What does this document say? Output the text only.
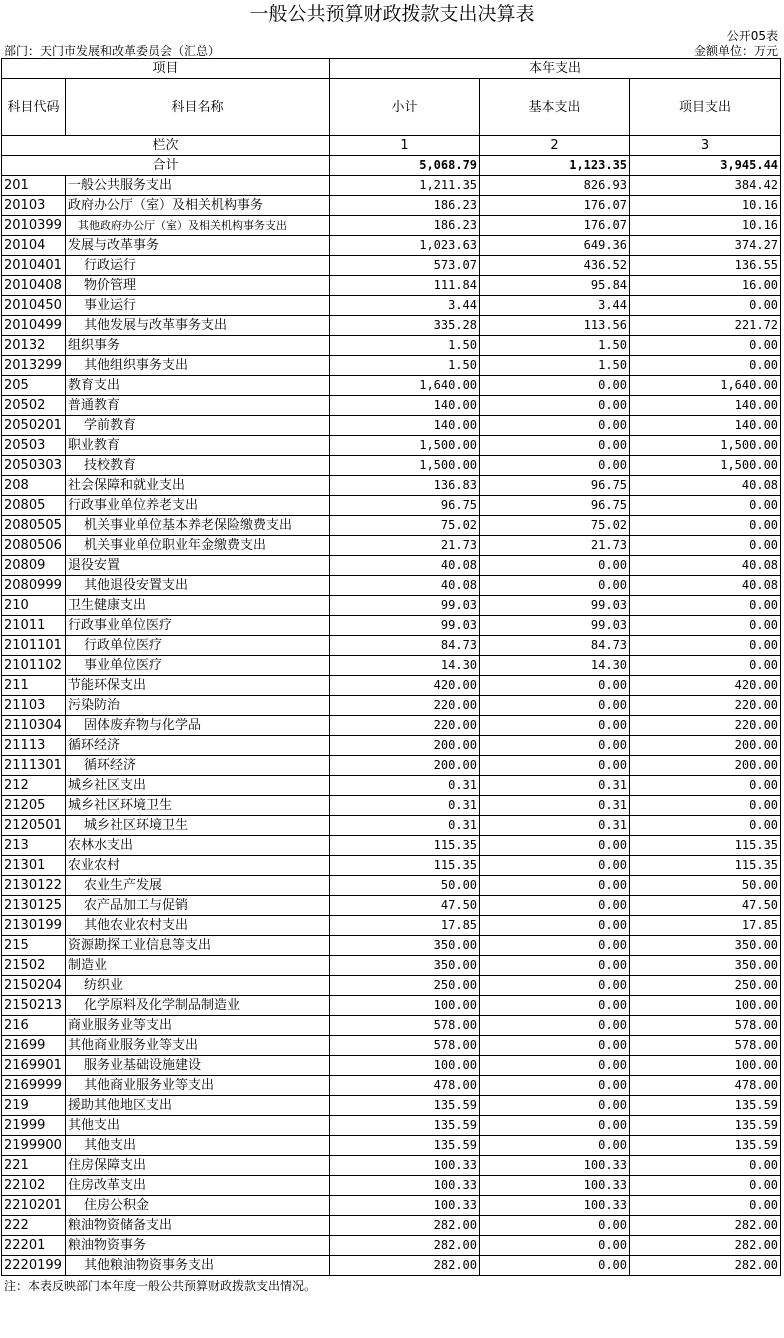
一般公共预算财政拨款支出决算表
公开05表
部门：天门市发展和改革委员会（汇总）	金额单位：万元
项目		本年支出		
科目代码	科目名称	小计	基本支出	项目支出
栏次		1	2	3
合计		5,068.79	1,123.35	3,945.44
201	一般公共服务支出	1,211.35	826.93	384.42
20103	政府办公厅（室）及相关机构事务	186.23	176.07	10.16
2010399	其他政府办公厅（室）及相关机构事务支出	186.23	176.07	10.16
20104	发展与改革事务	1,023.63	649.36	374.27
2010401	行政运行	573.07	436.52	136.55
2010408	物价管理	111.84	95.84	16.00
2010450	事业运行	3.44	3.44	0.00
2010499	其他发展与改革事务支出	335.28	113.56	221.72
20132	组织事务	1.50	1.50	0.00
2013299	其他组织事务支出	1.50	1.50	0.00
205	教育支出	1,640.00	0.00	1,640.00
20502	普通教育	140.00	0.00	140.00
2050201	学前教育	140.00	0.00	140.00
20503	职业教育	1,500.00	0.00	1,500.00
2050303	技校教育	1,500.00	0.00	1,500.00
208	社会保障和就业支出	136.83	96.75	40.08
20805	行政事业单位养老支出	96.75	96.75	0.00
2080505	机关事业单位基本养老保险缴费支出	75.02	75.02	0.00
2080506	机关事业单位职业年金缴费支出	21.73	21.73	0.00
20809	退役安置	40.08	0.00	40.08
2080999	其他退役安置支出	40.08	0.00	40.08
210	卫生健康支出	99.03	99.03	0.00
21011	行政事业单位医疗	99.03	99.03	0.00
2101101	行政单位医疗	84.73	84.73	0.00
2101102	事业单位医疗	14.30	14.30	0.00
211	节能环保支出	420.00	0.00	420.00
21103	污染防治	220.00	0.00	220.00
2110304	固体废弃物与化学品	220.00	0.00	220.00
21113	循环经济	200.00	0.00	200.00
2111301	循环经济	200.00	0.00	200.00
212	城乡社区支出	0.31	0.31	0.00
21205	城乡社区环境卫生	0.31	0.31	0.00
2120501	城乡社区环境卫生	0.31	0.31	0.00
213	农林水支出	115.35	0.00	115.35
21301	农业农村	115.35	0.00	115.35
2130122	农业生产发展	50.00	0.00	50.00
2130125	农产品加工与促销	47.50	0.00	47.50
2130199	其他农业农村支出	17.85	0.00	17.85
215	资源勘探工业信息等支出	350.00	0.00	350.00
21502	制造业	350.00	0.00	350.00
2150204	纺织业	250.00	0.00	250.00
2150213	化学原料及化学制品制造业	100.00	0.00	100.00
216	商业服务业等支出	578.00	0.00	578.00
21699	其他商业服务业等支出	578.00	0.00	578.00
2169901	服务业基础设施建设	100.00	0.00	100.00
2169999	其他商业服务业等支出	478.00	0.00	478.00
219	援助其他地区支出	135.59	0.00	135.59
21999	其他支出	135.59	0.00	135.59
2199900	其他支出	135.59	0.00	135.59
221	住房保障支出	100.33	100.33	0.00
22102	住房改革支出	100.33	100.33	0.00
2210201	住房公积金	100.33	100.33	0.00
222	粮油物资储备支出	282.00	0.00	282.00
22201	粮油物资事务	282.00	0.00	282.00
2220199	其他粮油物资事务支出	282.00	0.00	282.00
注：本表反映部门本年度一般公共预算财政拨款支出情况。
